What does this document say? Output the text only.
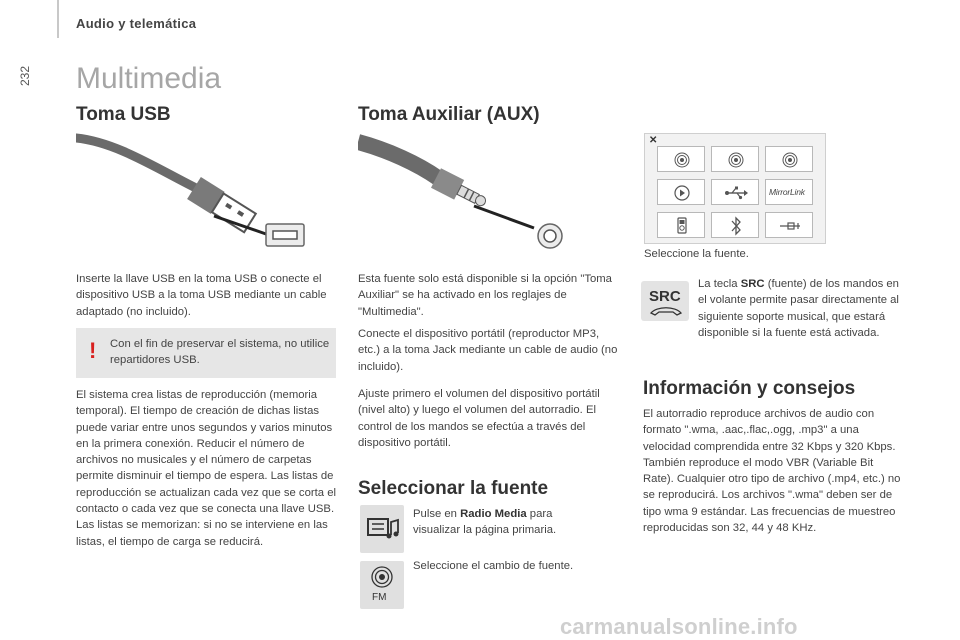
Audio y telemática
232 Multimedia
Toma USB

Inserte la llave USB en la toma USB o conecte el dispositivo USB a la toma USB mediante un cable adaptado (no incluido).

! Con el fin de preservar el sistema, no utilice repartidores USB.

El sistema crea listas de reproducción (memoria temporal). El tiempo de creación de dichas listas puede variar entre unos segundos y varios minutos en la primera conexión. Reducir el número de archivos no musicales y el número de carpetas permite disminuir el tiempo de espera. Las listas de reproducción se actualizan cada vez que se corta el contacto o cada vez que se conecta una llave USB. Las listas se memorizan: si no se interviene en las listas, el tiempo de carga se reducirá.

Toma Auxiliar (AUX)

Esta fuente solo está disponible si la opción "Toma Auxiliar" se ha activado en los reglajes de "Multimedia".

Conecte el dispositivo portátil (reproductor MP3, etc.) a la toma Jack mediante un cable de audio (no incluido).

Ajuste primero el volumen del dispositivo portátil (nivel alto) y luego el volumen del autorradio. El control de los mandos se efectúa a través del dispositivo portátil.

Seleccionar la fuente

Pulse en Radio Media para visualizar la página primaria.

FM

Seleccione el cambio de fuente.

✕
MirrorLink

Seleccione la fuente.

SRC

La tecla SRC (fuente) de los mandos en el volante permite pasar directamente al siguiente soporte musical, que estará disponible si la fuente está activada.

Información y consejos

El autorradio reproduce archivos de audio con formato ".wma, .aac,.flac,.ogg, .mp3" a una velocidad comprendida entre 32 Kbps y 320 Kbps. También reproduce el modo VBR (Variable Bit Rate). Cualquier otro tipo de archivo (.mp4, etc.) no se reproducirá. Los archivos ".wma" deben ser de tipo wma 9 estándar. Las frecuencias de muestreo reproducidas son 32, 44 y 48 KHz.

carmanualsonline.info
